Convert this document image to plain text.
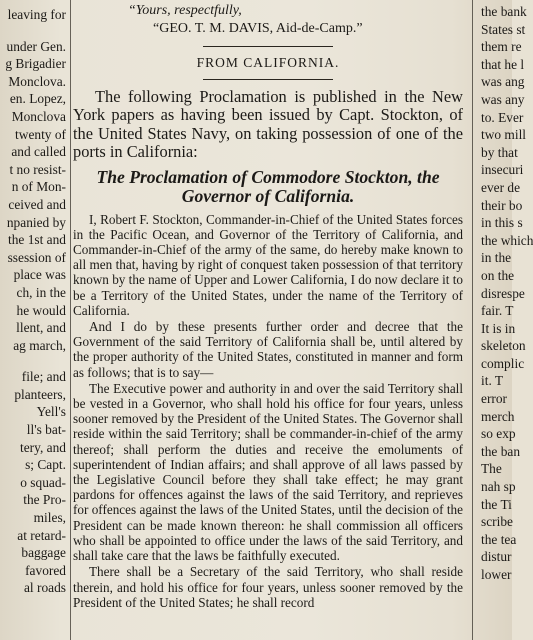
leaving for
under Gen.
g Brigadier
Monclova.
en. Lopez,
Monclova
twenty of
and called
t no resist-
n of Mon-
ceived and
npanied by
the 1st and
ssession of
place was
ch, in the
he would
llent, and
ag march,
file; and
planteers,
Yell's
ll's bat-
tery, and
s; Capt.
o squad-
the Pro-
miles,
at retard-
baggage
favored
al roads

“Yours, respectfully,

“GEO. T. M. DAVIS, Aid-de-Camp.”

FROM CALIFORNIA.

The following Proclamation is published in the New York papers as having been issued by Capt. Stockton, of the United States Navy, on taking possession of one of the ports in California:

The Proclamation of Commodore Stockton, the Governor of California.

I, Robert F. Stockton, Commander-in-Chief of the United States forces in the Pacific Ocean, and Governor of the Territory of California, and Commander-in-Chief of the army of the same, do hereby make known to all men that, having by right of conquest taken possession of that territory known by the name of Upper and Lower California, I do now declare it to be a Territory of the United States, under the name of the Territory of California.

And I do by these presents further order and decree that the Government of the said Territory of California shall be, until altered by the proper authority of the United States, constituted in manner and form as follows; that is to say—

The Executive power and authority in and over the said Territory shall be vested in a Governor, who shall hold his office for four years, unless sooner removed by the President of the United States. The Governor shall reside within the said Territory; shall be commander-in-chief of the army thereof; shall perform the duties and receive the emoluments of superintendent of Indian affairs; and shall approve of all laws passed by the Legislative Council before they shall take effect; he may grant pardons for offences against the laws of the said Territory, and reprieves for offences against the laws of the United States, until the decision of the President can be made known thereon: he shall commission all officers who shall be appointed to office under the laws of the said Territory, and shall take care that the laws be faithfully executed.

There shall be a Secretary of the said Territory, who shall reside therein, and hold his office for four years, unless sooner removed by the President of the United States; he shall record

the bank
States st
them re
that he l
was ang
was any
to. Ever
two mill
by that
insecuri
ever de
their bo
in this s
the which
in the
on the
disrespe
fair. T
It is in
skeleton
complic
it. T
error
merch
so exp
the ban
The
nah sp
the Ti
scribe
the tea
distur
lower
